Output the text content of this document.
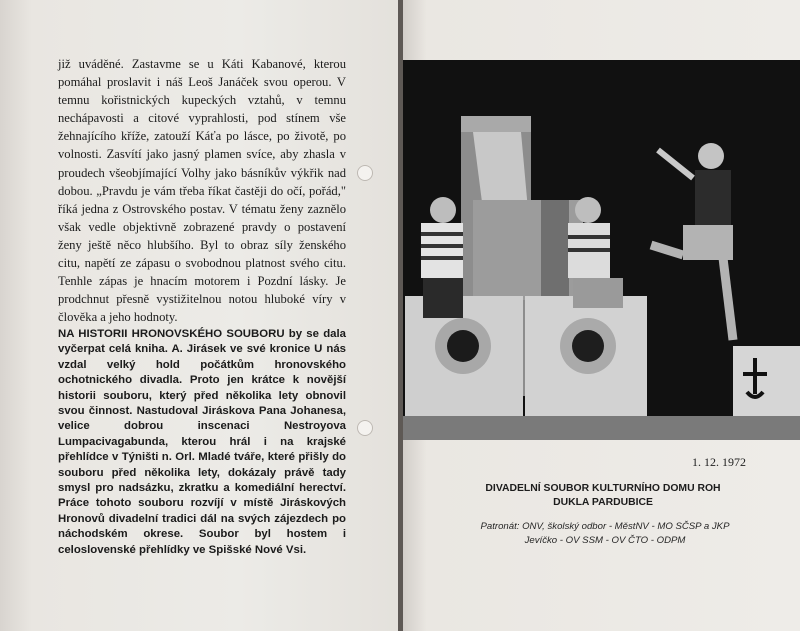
již uváděné. Zastavme se u Káti Kabanové, kterou pomáhal proslavit i náš Leoš Janáček svou operou. V temnu kořistnických kupeckých vztahů, v temnu nechápavosti a citové vyprahlosti, pod stínem vše žehnajícího kříže, zatouží Káťa po lásce, po životě, po volnosti. Zasvítí jako jasný plamen svíce, aby zhasla v proudech všeobjímající Volhy jako básníkův výkřik nad dobou. „Pravdu je vám třeba říkat častěji do očí, pořád," říká jedna z Ostrovského postav. V tématu ženy zaznělo však vedle objektivně zobrazené pravdy o postavení ženy ještě něco hlubšího. Byl to obraz síly ženského citu, napětí ze zápasu o svobodnou platnost svého citu. Tenhle zápas je hnacím motorem i Pozdní lásky. Je prodchnut přesně vystižitelnou notou hluboké víry v člověka a jeho hodnoty.

NA HISTORII HRONOVSKÉHO SOUBORU by se dala vyčerpat celá kniha. A. Jirásek ve své kronice U nás vzdal velký hold počátkům hronovského ochotnického divadla. Proto jen krátce k novější historii souboru, který před několika lety obnovil svou činnost. Nastudoval Jiráskova Pana Johanesa, velice dobrou inscenaci Nestroyova Lumpacivagabunda, kterou hrál i na krajské přehlídce v Týništi n. Orl. Mladé tváře, které přišly do souboru před několika lety, dokázaly právě tady smysl pro nadsázku, zkratku a komediální herectví. Práce tohoto souboru rozvíjí v místě Jiráskových Hronovů divadelní tradici dál na svých zájezdech po náchodském okrese. Soubor byl hostem i celoslovenské přehlídky ve Spišské Nové Vsi.

1. 12. 1972
DIVADELNÍ SOUBOR KULTURNÍHO DOMU ROH
DUKLA PARDUBICE
Patronát: ONV, školský odbor - MěstNV - MO SČSP a JKP
Jevíčko - OV SSM - OV ČTO - ODPM
